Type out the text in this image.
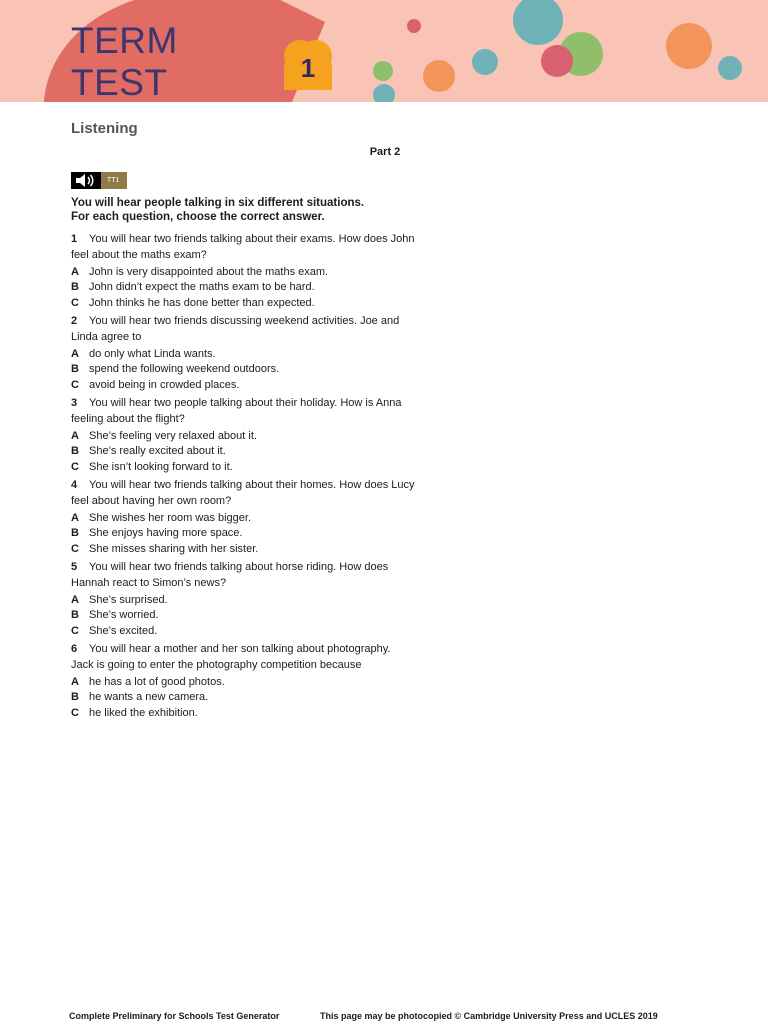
TERM
TEST	1
Listening
Part 2
TT1
You will hear people talking in six different situations.
For each question, choose the correct answer.
1 You will hear two friends talking about their exams. How does John feel about the maths exam?
A John is very disappointed about the maths exam.
B John didn’t expect the maths exam to be hard.
C John thinks he has done better than expected.
2 You will hear two friends discussing weekend activities. Joe and Linda agree to
A do only what Linda wants.
B spend the following weekend outdoors.
C avoid being in crowded places.
3 You will hear two people talking about their holiday. How is Anna feeling about the flight?
A She’s feeling very relaxed about it.
B She’s really excited about it.
C She isn’t looking forward to it.
4 You will hear two friends talking about their homes. How does Lucy feel about having her own room?
A She wishes her room was bigger.
B She enjoys having more space.
C She misses sharing with her sister.
5 You will hear two friends talking about horse riding. How does Hannah react to Simon’s news?
A She’s surprised.
B She’s worried.
C She’s excited.
6 You will hear a mother and her son talking about photography. Jack is going to enter the photography competition because
A he has a lot of good photos.
B he wants a new camera.
C he liked the exhibition.
Complete Preliminary for Schools Test Generator	This page may be photocopied © Cambridge University Press and UCLES 2019
